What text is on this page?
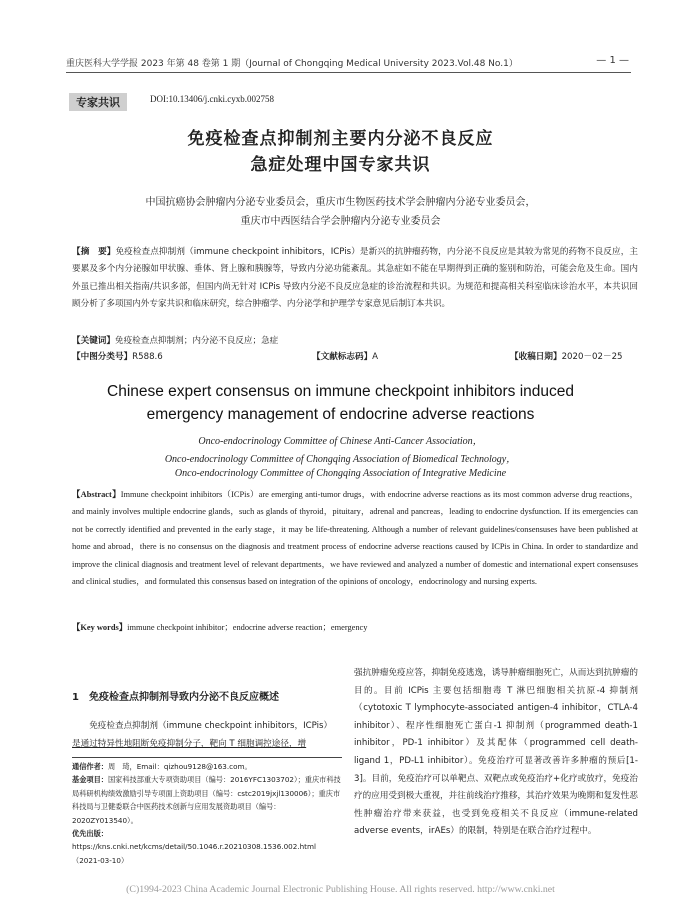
重庆医科大学学报 2023 年第 48 卷第 1 期（Journal of Chongqing Medical University 2023.Vol.48 No.1）	— 1 —
专家共识	DOI:10.13406/j.cnki.cyxb.002758
免疫检查点抑制剂主要内分泌不良反应
急症处理中国专家共识
中国抗癌协会肿瘤内分泌专业委员会，重庆市生物医药技术学会肿瘤内分泌专业委员会，
重庆市中西医结合学会肿瘤内分泌专业委员会
【摘　要】免疫检查点抑制剂（immune checkpoint inhibitors，ICPis）是新兴的抗肿瘤药物，内分泌不良反应是其较为常见的药物不良反应，主要累及多个内分泌腺如甲状腺、垂体、肾上腺和胰腺等，导致内分泌功能紊乱。其急症如不能在早期得到正确的鉴别和防治，可能会危及生命。国内外虽已推出相关指南/共识多部，但国内尚无针对 ICPis 导致内分泌不良反应急症的诊治流程和共识。为规范和提高相关科室临床诊治水平，本共识回顾分析了多项国内外专家共识和临床研究，综合肿瘤学、内分泌学和护理学专家意见后制订本共识。
【关键词】免疫检查点抑制剂；内分泌不良反应；急症
【中图分类号】R588.6	【文献标志码】A	【收稿日期】2020－02－25
Chinese expert consensus on immune checkpoint inhibitors induced
emergency management of endocrine adverse reactions
Onco-endocrinology Committee of Chinese Anti-Cancer Association，
Onco-endocrinology Committee of Chongqing Association of Biomedical Technology，
Onco-endocrinology Committee of Chongqing Association of Integrative Medicine
【Abstract】Immune checkpoint inhibitors（ICPis）are emerging anti-tumor drugs，with endocrine adverse reactions as its most common adverse drug reactions，and mainly involves multiple endocrine glands，such as glands of thyroid，pituitary，adrenal and pancreas，leading to endocrine dysfunction. If its emergencies can not be correctly identified and prevented in the early stage，it may be life-threatening. Although a number of relevant guidelines/consensuses have been published at home and abroad，there is no consensus on the diagnosis and treatment process of endocrine adverse reactions caused by ICPis in China. In order to standardize and improve the clinical diagnosis and treatment level of relevant departments，we have reviewed and analyzed a number of domestic and international expert consensuses and clinical studies，and formulated this consensus based on integration of the opinions of oncology，endocrinology and nursing experts.
【Key words】immune checkpoint inhibitor；endocrine adverse reaction；emergency
1　免疫检查点抑制剂导致内分泌不良反应概述
免疫检查点抑制剂（immune checkpoint inhibitors，ICPis）
是通过特异性地阻断免疫抑制分子，靶向 T 细胞调控途径，增
强抗肿瘤免疫应答，抑制免疫逃逸，诱导肿瘤细胞死亡，从而达到抗肿瘤的目的。目前 ICPis 主要包括细胞毒 T 淋巴细胞相关抗原-4 抑制剂（cytotoxic T lymphocyte-associated antigen-4 inhibitor，CTLA-4 inhibitor）、程序性细胞死亡蛋白-1 抑制剂（programmed death-1 inhibitor，PD-1 inhibitor）及其配体（programmed cell death-ligand 1，PD-L1 inhibitor）。免疫治疗可显著改善许多肿瘤的预后[1-3]。目前，免疫治疗可以单靶点、双靶点或免疫治疗+化疗或放疗，免疫治疗的应用受到极大重视，并往前线治疗推移，其治疗效果为晚期和复发性恶性肿瘤治疗带来获益，也受到免疫相关不良反应（immune-related adverse events，irAEs）的限制，特别是在联合治疗过程中。
通信作者：周　琦，Email：qizhou9128@163.com。
基金项目：国家科技部重大专项资助项目（编号：2016YFC1303702）；重庆市科技局科研机构绩效激励引导专项面上资助项目（编号：cstc2019jxjl130006）；重庆市科技局与卫健委联合中医药技术创新与应用发展资助项目（编号：2020ZY013540）。
优先出版：https://kns.cnki.net/kcms/detail/50.1046.r.20210308.1536.002.html（2021-03-10）
(C)1994-2023 China Academic Journal Electronic Publishing House. All rights reserved. http://www.cnki.net
